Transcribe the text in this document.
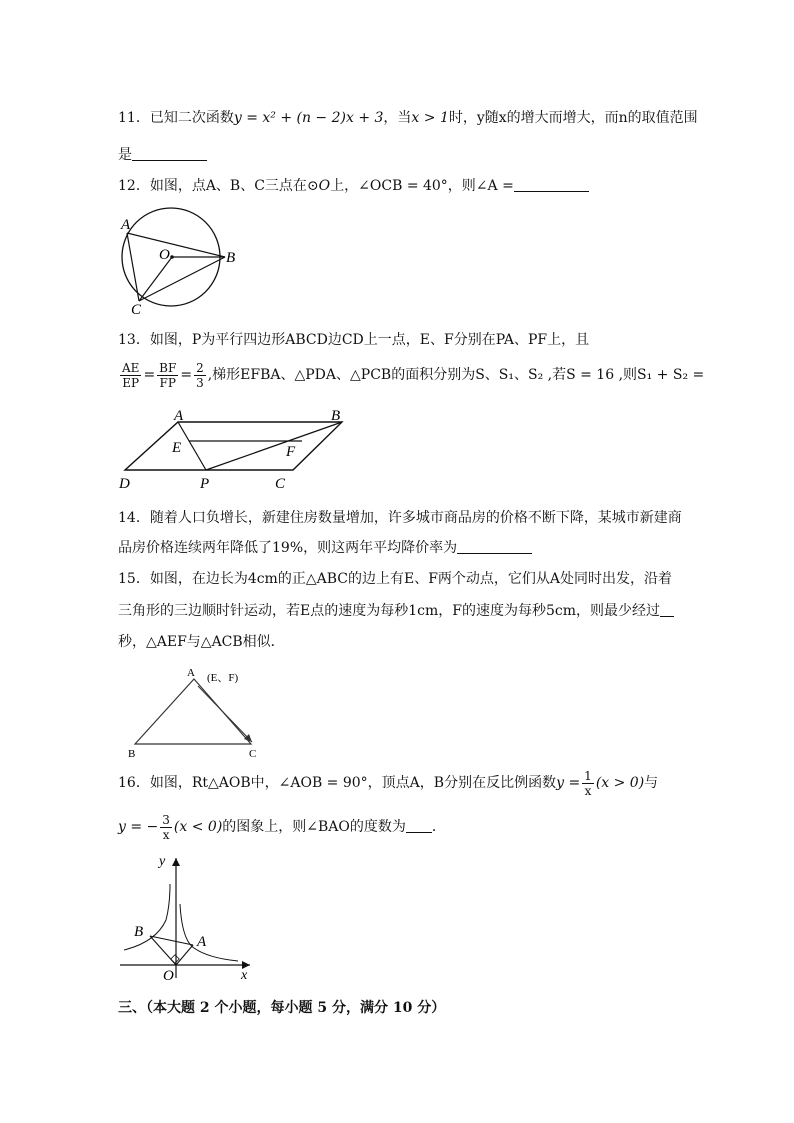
11．已知二次函数y = x² + (n − 2)x + 3，当x > 1时，y随x的增大而增大，而n的取值范围
是
12．如图，点A、B、C三点在⊙O上，∠OCB = 40°，则∠A =
A
O	B
C
13．如图，P为平行四边形ABCD边CD上一点，E、F分别在PA、PF上，且
$\frac{AE}{EP} = \frac{BF}{FP} = \frac{2}{3}$ ,梯形EFBA、△PDA、△PCB的面积分别为S、S₁、S₂ ,若S = 16 ,则S₁ + S₂ =
A	B
E	F
D	P	C
14．随着人口负增长，新建住房数量增加，许多城市商品房的价格不断下降，某城市新建商
品房价格连续两年降低了19%，则这两年平均降价率为
15．如图，在边长为4cm的正△ABC的边上有E、F两个动点，它们从A处同时出发，沿着
三角形的三边顺时针运动，若E点的速度为每秒1cm，F的速度为每秒5cm，则最少经过
秒，△AEF与△ACB相似．
A (E、F)
B	C
16．如图，Rt△AOB中，∠AOB = 90°，顶点A，B分别在反比例函数$y = \frac{1}{x} (x > 0)$与
y = − $\frac{3}{x} (x < 0)$的图象上，则∠BAO的度数为 ．
y
B
A
O	x
三、（本大题 2 个小题，每小题 5 分，满分 10 分）
